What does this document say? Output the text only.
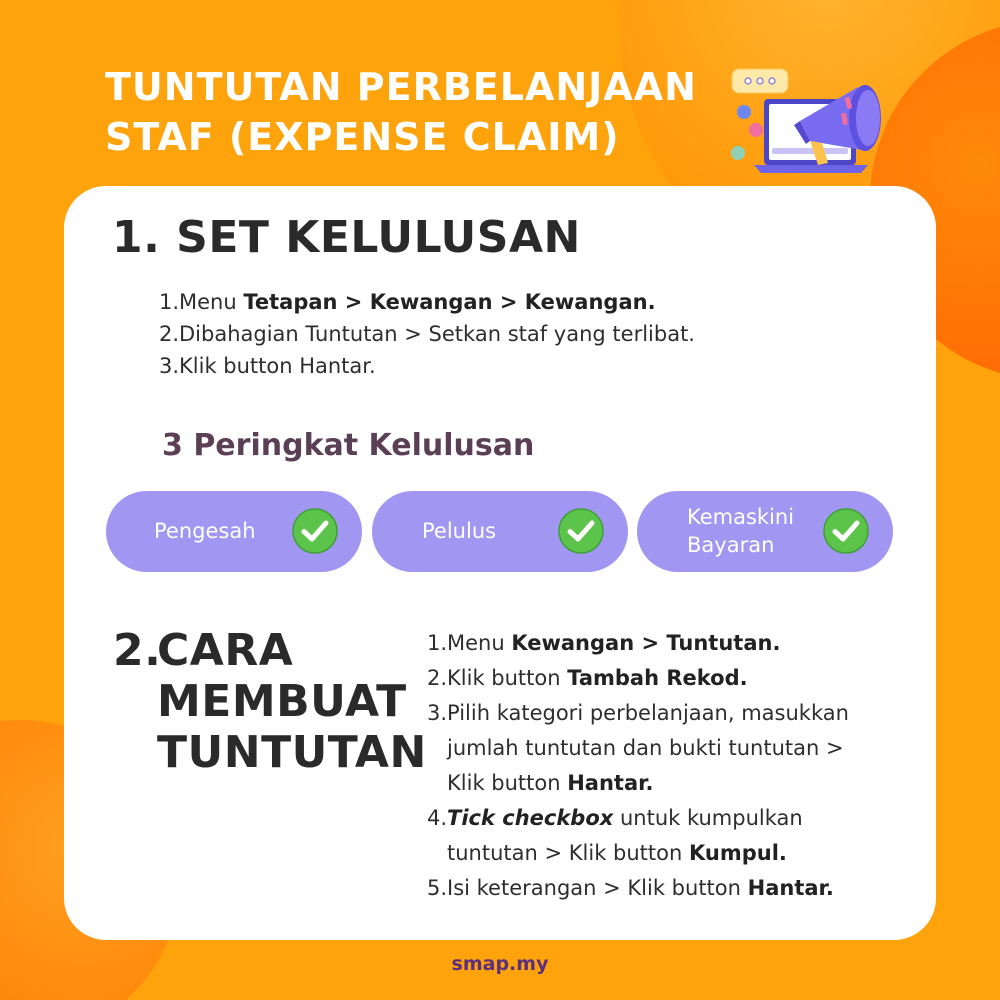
TUNTUTAN PERBELANJAAN
STAF (EXPENSE CLAIM)
1. SET KELULUSAN
1. Menu Tetapan > Kewangan > Kewangan.
2. Dibahagian Tuntutan > Setkan staf yang terlibat.
3. Klik button Hantar.
3 Peringkat Kelulusan
Pengesah	Pelulus
Kemaskini
Bayaran
2.
CARA
MEMBUAT
TUNTUTAN
1. Menu Kewangan > Tuntutan.
2. Klik button Tambah Rekod.
3. Pilih kategori perbelanjaan, masukkan
jumlah tuntutan dan bukti tuntutan >
Klik button Hantar.
4. Tick checkbox untuk kumpulkan
tuntutan > Klik button Kumpul.
5. Isi keterangan > Klik button Hantar.
smap.my
